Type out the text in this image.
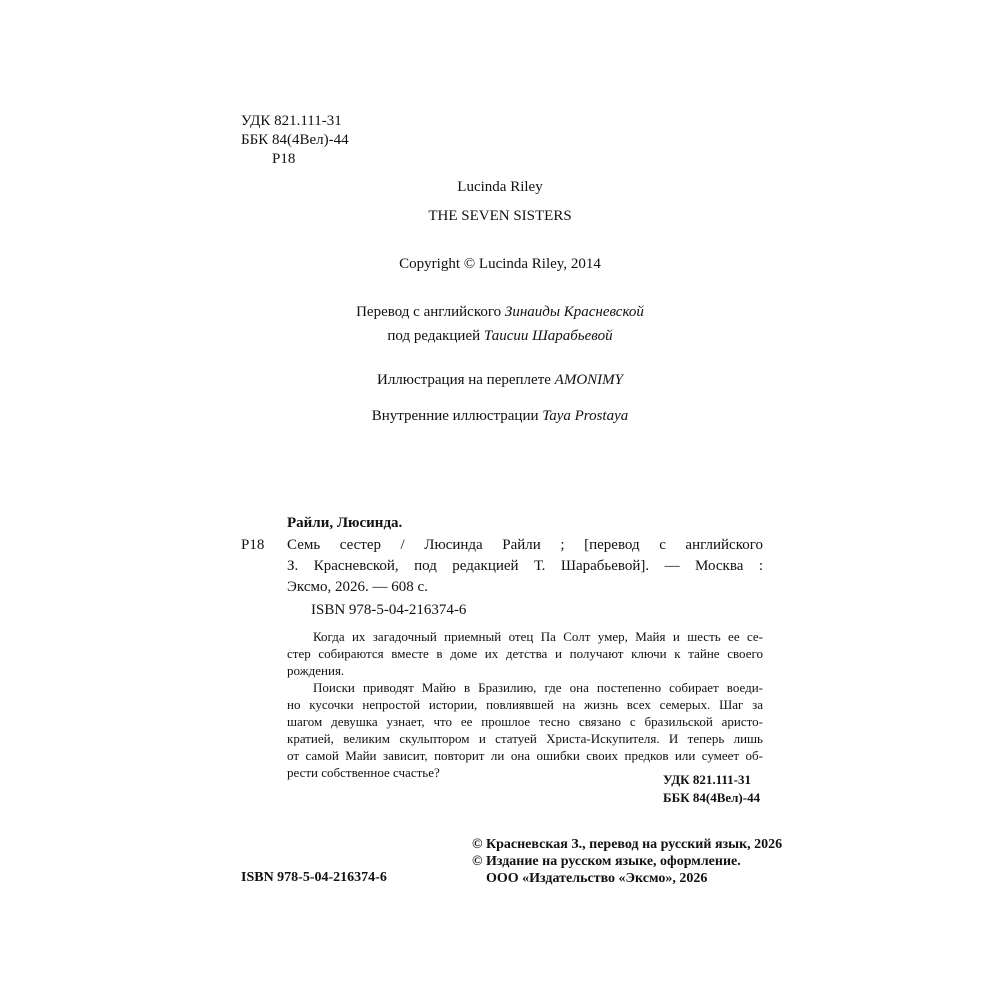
УДК 821.111-31
ББК 84(4Вел)-44
Р18
Lucinda Riley
THE SEVEN SISTERS
Copyright © Lucinda Riley, 2014
Перевод с английского Зинаиды Красневской
под редакцией Таисии Шарабьевой
Иллюстрация на переплете AMONIMY
Внутренние иллюстрации Taya Prostaya
Райли, Люсинда.
Р18 Семь сестер / Люсинда Райли ; [перевод с английского
З. Красневской, под редакцией Т. Шарабьевой]. — Москва :
Эксмо, 2026. — 608 с.
ISBN 978-5-04-216374-6
Когда их загадочный приемный отец Па Солт умер, Майя и шесть ее се-
стер собираются вместе в доме их детства и получают ключи к тайне своего
рождения.
Поиски приводят Майю в Бразилию, где она постепенно собирает воеди-
но кусочки непростой истории, повлиявшей на жизнь всех семерых. Шаг за
шагом девушка узнает, что ее прошлое тесно связано с бразильской аристо-
кратией, великим скульптором и статуей Христа-Искупителя. И теперь лишь
от самой Майи зависит, повторит ли она ошибки своих предков или сумеет об-
рести собственное счастье?	УДК 821.111-31
ББК 84(4Вел)-44
ISBN 978-5-04-216374-6
© Красневская З., перевод на русский язык, 2026
© Издание на русском языке, оформление.
ООО «Издательство «Эксмо», 2026
